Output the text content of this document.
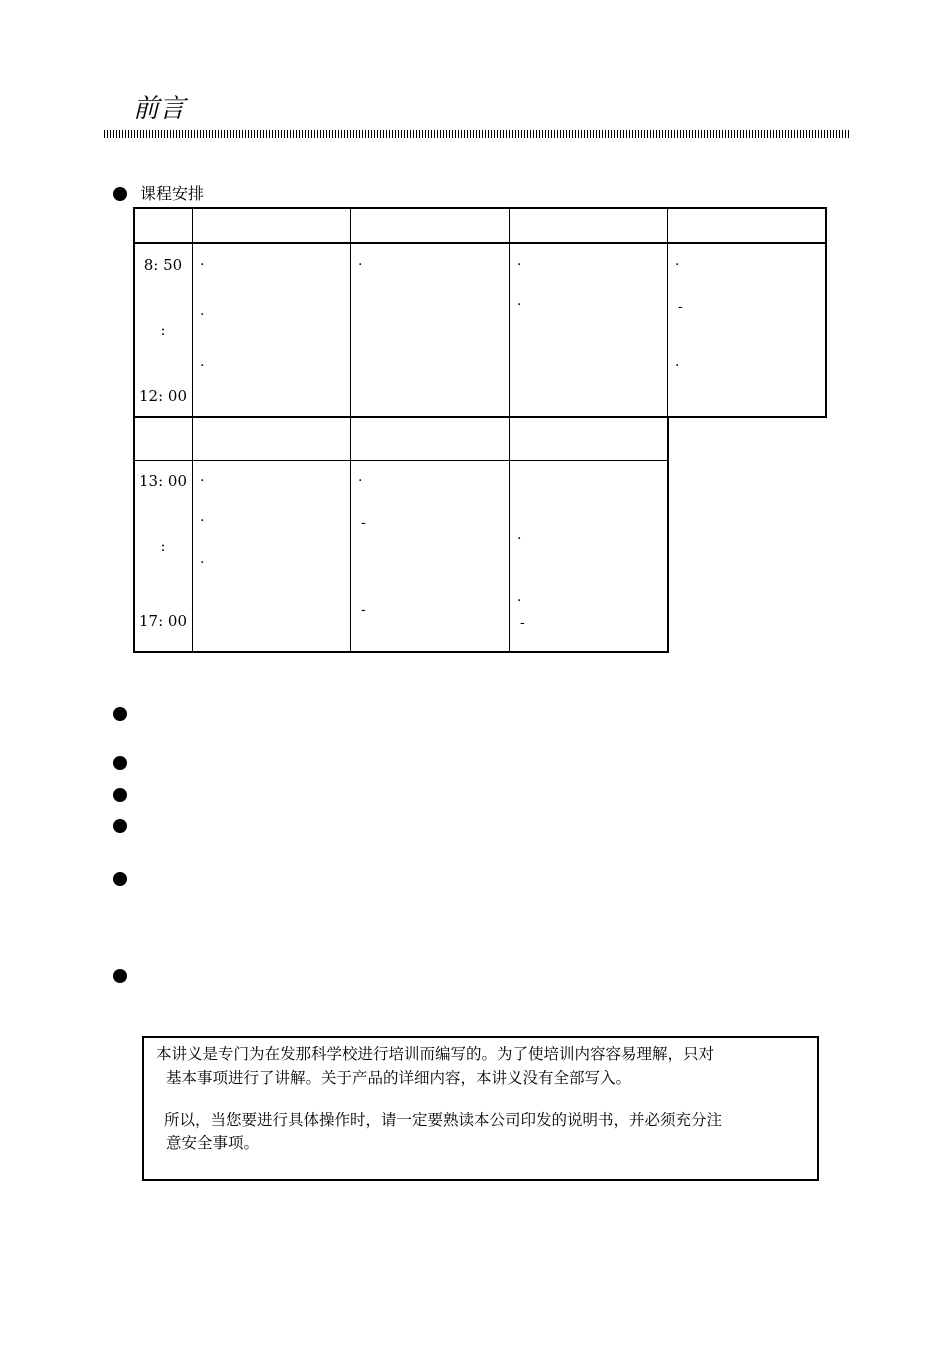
前言
课程安排
8: 50
:
12: 00
13: 00
:
17: 00
·
·
·
·	·
·
·
-
·
·
·
·
·
-
-
·
·
-
本讲义是专门为在发那科学校进行培训而编写的。为了使培训内容容易理解，只对
基本事项进行了讲解。关于产品的详细内容，本讲义没有全部写入。
所以，当您要进行具体操作时，请一定要熟读本公司印发的说明书，并必须充分注
意安全事项。
